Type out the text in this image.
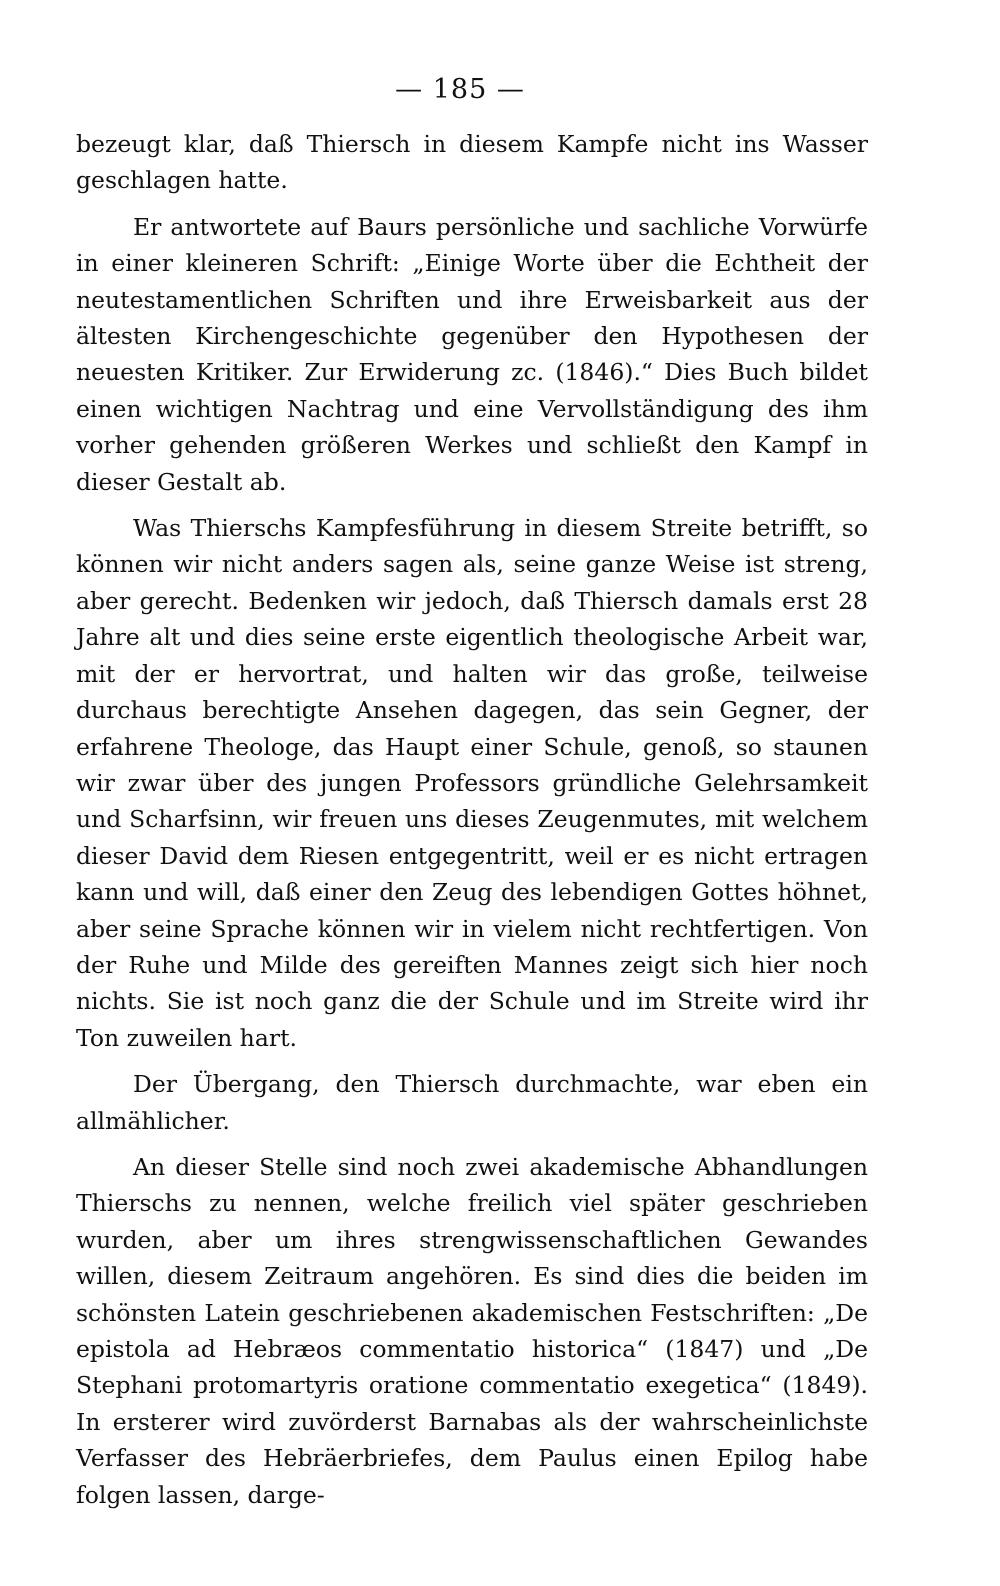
— 185 —

bezeugt klar, daß Thiersch in diesem Kampfe nicht ins Wasser geschlagen hatte.

Er antwortete auf Baurs persönliche und sachliche Vorwürfe in einer kleineren Schrift: „Einige Worte über die Echtheit der neutestamentlichen Schriften und ihre Erweisbarkeit aus der ältesten Kirchengeschichte gegenüber den Hypothesen der neuesten Kritiker. Zur Erwiderung zc. (1846).“ Dies Buch bildet einen wichtigen Nachtrag und eine Vervollständigung des ihm vorher gehenden größeren Werkes und schließt den Kampf in dieser Gestalt ab.

Was Thierschs Kampfesführung in diesem Streite betrifft, so können wir nicht anders sagen als, seine ganze Weise ist streng, aber gerecht. Bedenken wir jedoch, daß Thiersch damals erst 28 Jahre alt und dies seine erste eigentlich theologische Arbeit war, mit der er hervortrat, und halten wir das große, teilweise durchaus berechtigte Ansehen dagegen, das sein Gegner, der erfahrene Theologe, das Haupt einer Schule, genoß, so staunen wir zwar über des jungen Professors gründliche Gelehrsamkeit und Scharfsinn, wir freuen uns dieses Zeugenmutes, mit welchem dieser David dem Riesen entgegentritt, weil er es nicht ertragen kann und will, daß einer den Zeug des lebendigen Gottes höhnet, aber seine Sprache können wir in vielem nicht rechtfertigen. Von der Ruhe und Milde des gereiften Mannes zeigt sich hier noch nichts. Sie ist noch ganz die der Schule und im Streite wird ihr Ton zuweilen hart.

Der Übergang, den Thiersch durchmachte, war eben ein allmählicher.

An dieser Stelle sind noch zwei akademische Abhandlungen Thierschs zu nennen, welche freilich viel später geschrieben wurden, aber um ihres strengwissenschaftlichen Gewandes willen, diesem Zeitraum angehören. Es sind dies die beiden im schönsten Latein geschriebenen akademischen Festschriften: „De epistola ad Hebræos commentatio historica“ (1847) und „De Stephani protomartyris oratione commentatio exegetica“ (1849). In ersterer wird zuvörderst Barnabas als der wahrscheinlichste Verfasser des Hebräerbriefes, dem Paulus einen Epilog habe folgen lassen, darge-
